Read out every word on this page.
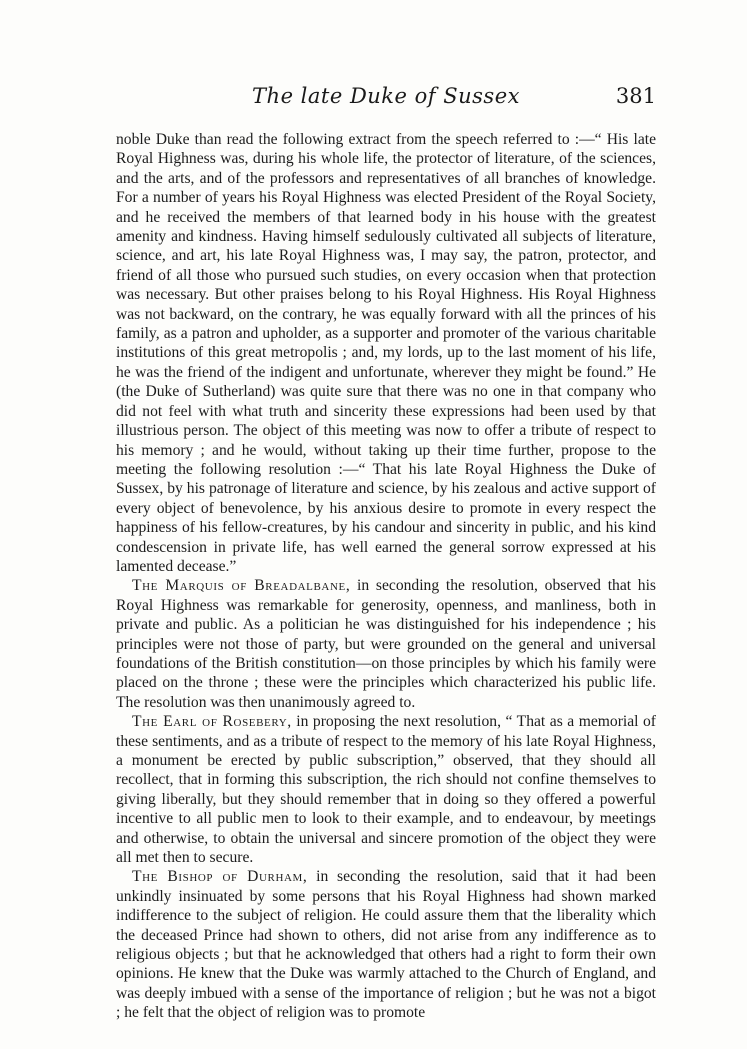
The late Duke of Sussex	381

noble Duke than read the following extract from the speech referred to :—“ His late Royal Highness was, during his whole life, the protector of literature, of the sciences, and the arts, and of the professors and representatives of all branches of knowledge. For a number of years his Royal Highness was elected President of the Royal Society, and he received the members of that learned body in his house with the greatest amenity and kindness. Having himself sedulously cultivated all subjects of literature, science, and art, his late Royal Highness was, I may say, the patron, protector, and friend of all those who pursued such studies, on every occasion when that protection was necessary. But other praises belong to his Royal Highness. His Royal Highness was not backward, on the contrary, he was equally forward with all the princes of his family, as a patron and upholder, as a supporter and promoter of the various charitable institutions of this great metropolis ; and, my lords, up to the last moment of his life, he was the friend of the indigent and unfortunate, wherever they might be found.” He (the Duke of Sutherland) was quite sure that there was no one in that company who did not feel with what truth and sincerity these expressions had been used by that illustrious person. The object of this meeting was now to offer a tribute of respect to his memory ; and he would, without taking up their time further, propose to the meeting the following resolution :—“ That his late Royal Highness the Duke of Sussex, by his patronage of literature and science, by his zealous and active support of every object of benevolence, by his anxious desire to promote in every respect the happiness of his fellow-creatures, by his candour and sincerity in public, and his kind condescension in private life, has well earned the general sorrow expressed at his lamented decease.”

The Marquis of Breadalbane, in seconding the resolution, observed that his Royal Highness was remarkable for generosity, openness, and manliness, both in private and public. As a politician he was distinguished for his independence ; his principles were not those of party, but were grounded on the general and universal foundations of the British constitution—on those principles by which his family were placed on the throne ; these were the principles which characterized his public life. The resolution was then unanimously agreed to.

The Earl of Rosebery, in proposing the next resolution, “ That as a memorial of these sentiments, and as a tribute of respect to the memory of his late Royal Highness, a monument be erected by public subscription,” observed, that they should all recollect, that in forming this subscription, the rich should not confine themselves to giving liberally, but they should remember that in doing so they offered a powerful incentive to all public men to look to their example, and to endeavour, by meetings and otherwise, to obtain the universal and sincere promotion of the object they were all met then to secure.

The Bishop of Durham, in seconding the resolution, said that it had been unkindly insinuated by some persons that his Royal Highness had shown marked indifference to the subject of religion. He could assure them that the liberality which the deceased Prince had shown to others, did not arise from any indifference as to religious objects ; but that he acknowledged that others had a right to form their own opinions. He knew that the Duke was warmly attached to the Church of England, and was deeply imbued with a sense of the importance of religion ; but he was not a bigot ; he felt that the object of religion was to promote
